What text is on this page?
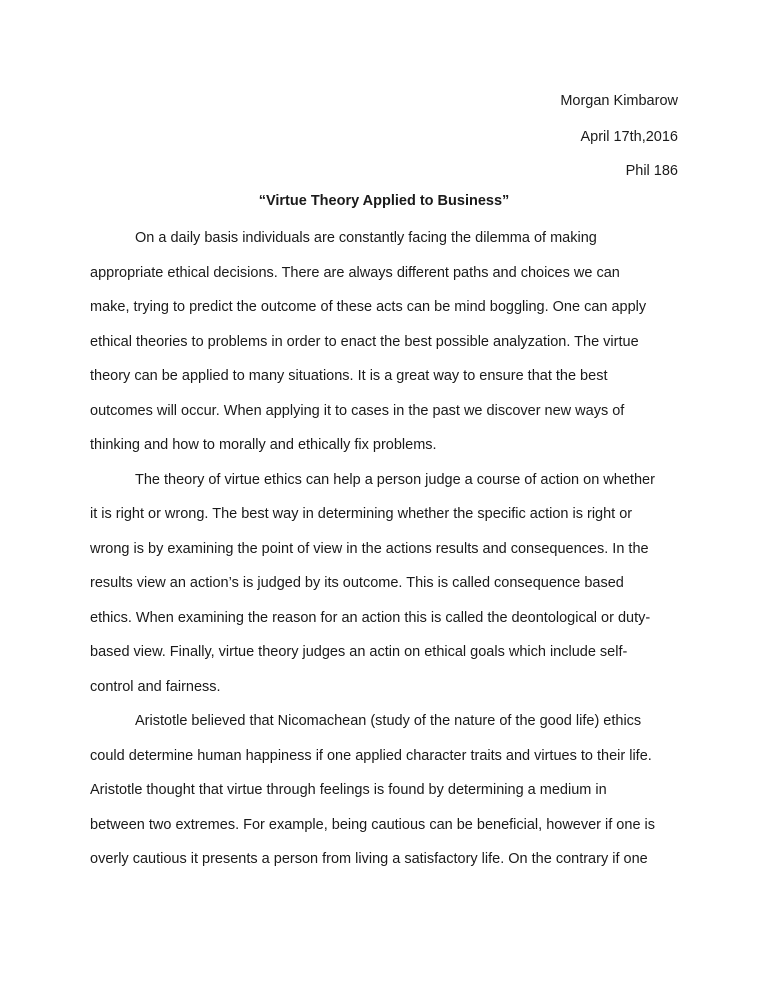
Morgan Kimbarow
April 17th,2016
Phil 186
“Virtue Theory Applied to Business”
On a daily basis individuals are constantly facing the dilemma of making
appropriate ethical decisions. There are always different paths and choices we can
make, trying to predict the outcome of these acts can be mind boggling. One can apply
ethical theories to problems in order to enact the best possible analyzation. The virtue
theory can be applied to many situations. It is a great way to ensure that the best
outcomes will occur. When applying it to cases in the past we discover new ways of
thinking and how to morally and ethically fix problems.
The theory of virtue ethics can help a person judge a course of action on whether
it is right or wrong. The best way in determining whether the specific action is right or
wrong is by examining the point of view in the actions results and consequences. In the
results view an action’s is judged by its outcome. This is called consequence based
ethics. When examining the reason for an action this is called the deontological or duty-
based view. Finally, virtue theory judges an actin on ethical goals which include self-
control and fairness.
Aristotle believed that Nicomachean (study of the nature of the good life) ethics
could determine human happiness if one applied character traits and virtues to their life.
Aristotle thought that virtue through feelings is found by determining a medium in
between two extremes. For example, being cautious can be beneficial, however if one is
overly cautious it presents a person from living a satisfactory life. On the contrary if one
